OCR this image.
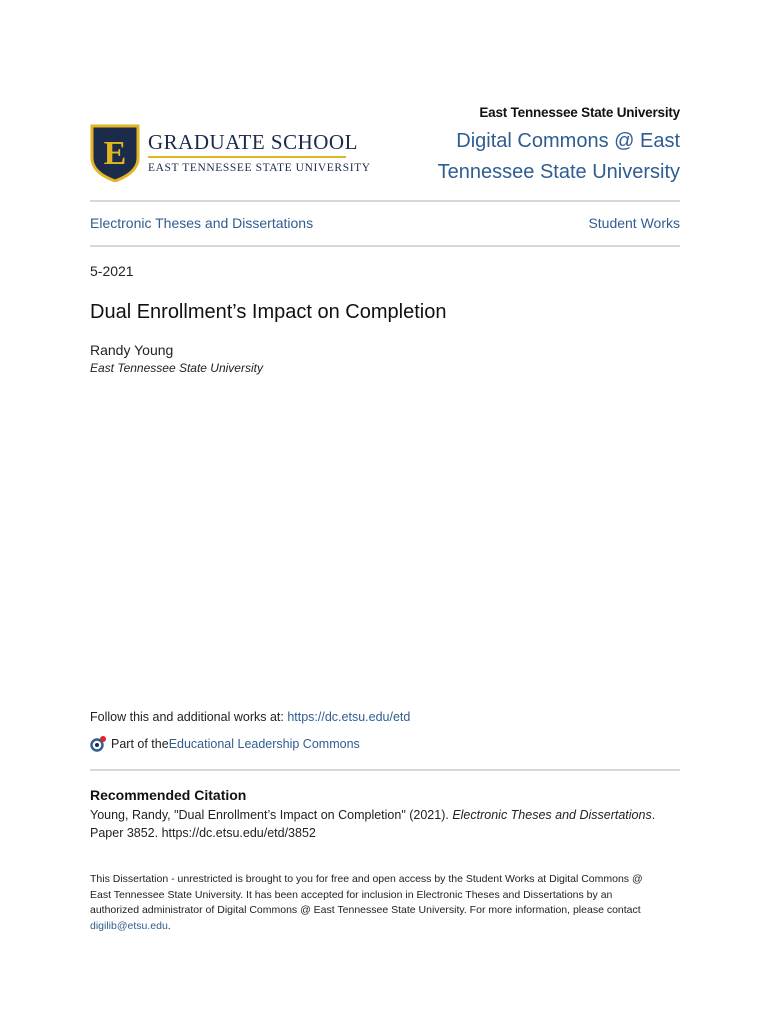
E GRADUATE SCHOOL
EAST TENNESSEE STATE UNIVERSITY
East Tennessee State University
Digital Commons @ East Tennessee State University
Electronic Theses and Dissertations	Student Works
5-2021
Dual Enrollment’s Impact on Completion
Randy Young
East Tennessee State University
Follow this and additional works at: https://dc.etsu.edu/etd
Part of the Educational Leadership Commons
Recommended Citation
Young, Randy, "Dual Enrollment’s Impact on Completion" (2021). Electronic Theses and Dissertations. Paper 3852. https://dc.etsu.edu/etd/3852
This Dissertation - unrestricted is brought to you for free and open access by the Student Works at Digital Commons @ East Tennessee State University. It has been accepted for inclusion in Electronic Theses and Dissertations by an authorized administrator of Digital Commons @ East Tennessee State University. For more information, please contact digilib@etsu.edu.
